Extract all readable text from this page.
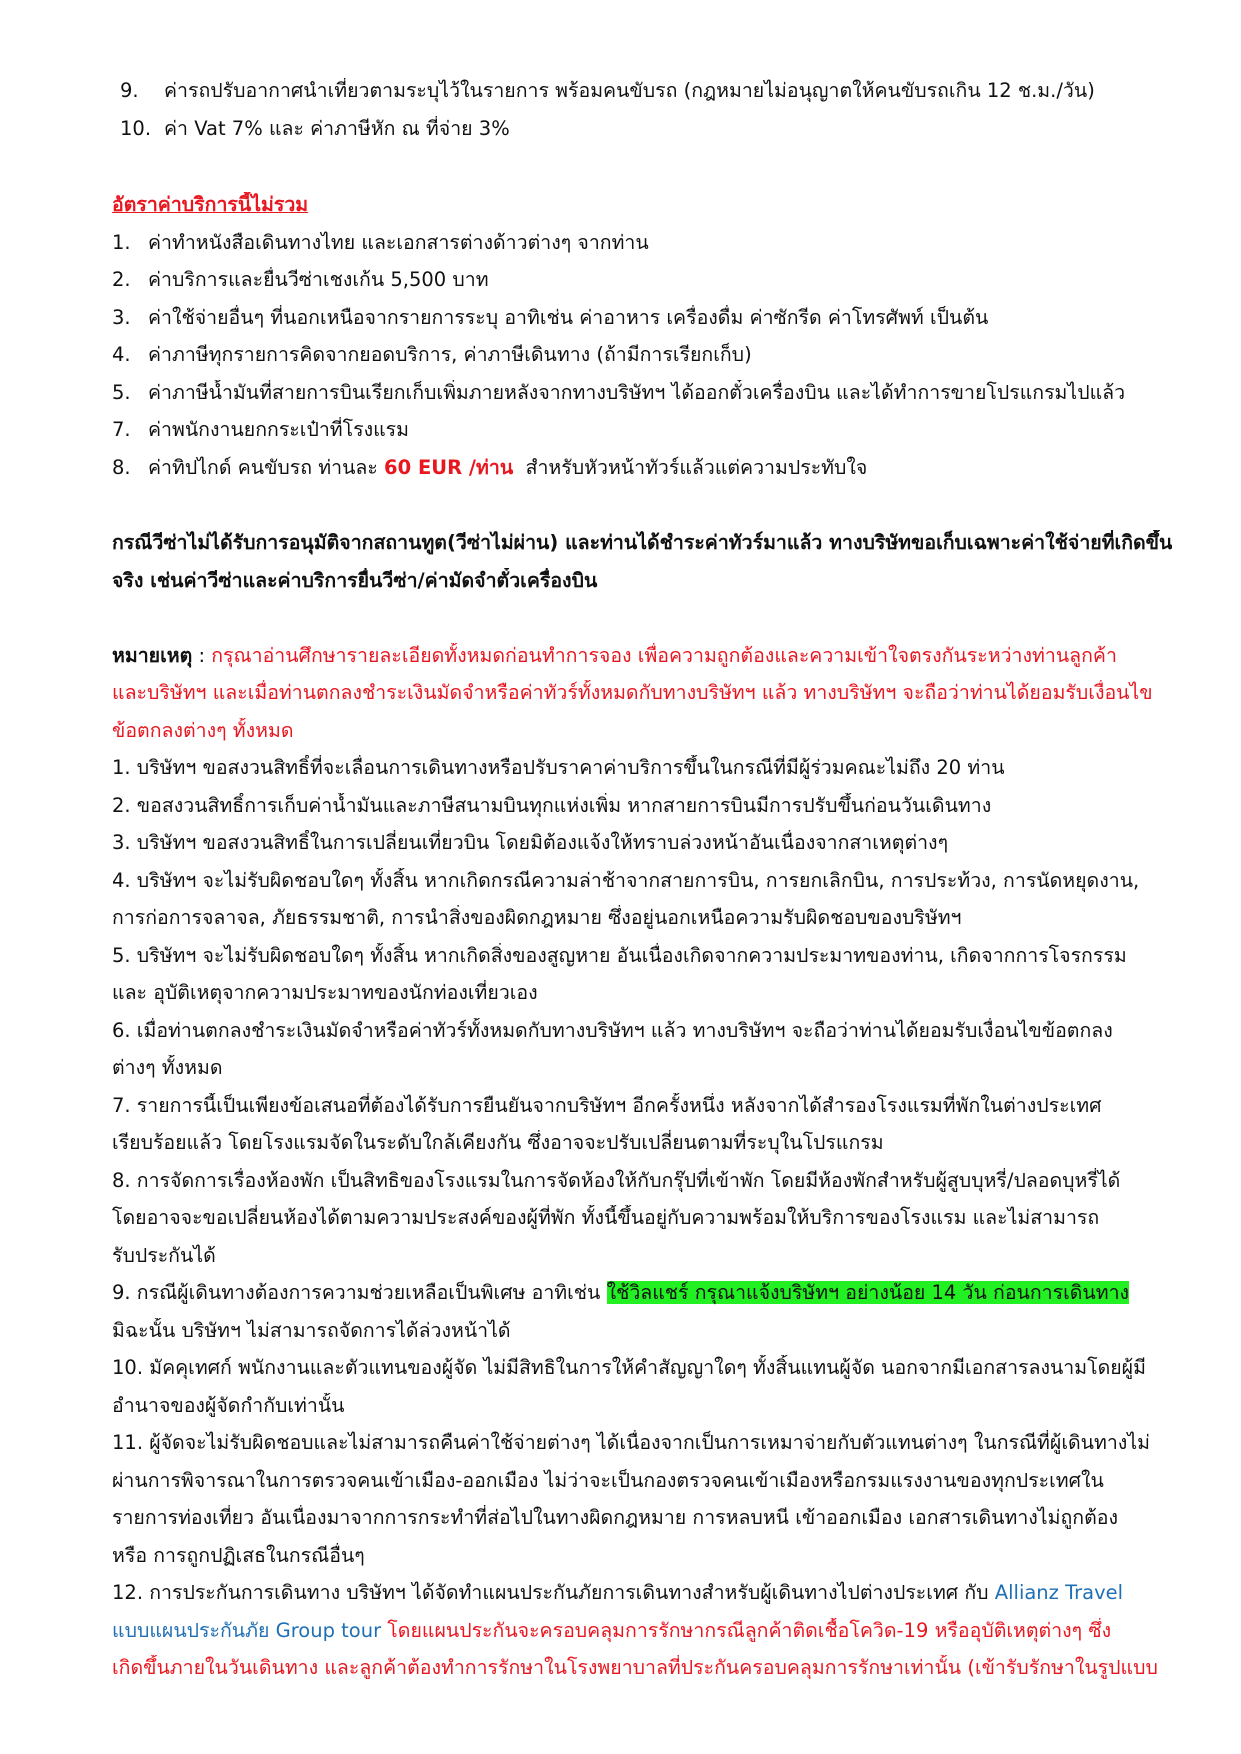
9. ค่ารถปรับอากาศนำเที่ยวตามระบุไว้ในรายการ พร้อมคนขับรถ (กฎหมายไม่อนุญาตให้คนขับรถเกิน 12 ช.ม./วัน)
10. ค่า Vat 7% และ ค่าภาษีหัก ณ ที่จ่าย 3%
อัตราค่าบริการนี้ไม่รวม
1. ค่าทำหนังสือเดินทางไทย และเอกสารต่างด้าวต่างๆ จากท่าน
2. ค่าบริการและยื่นวีซ่าเชงเก้น 5,500 บาท
3. ค่าใช้จ่ายอื่นๆ ที่นอกเหนือจากรายการระบุ อาทิเช่น ค่าอาหาร เครื่องดื่ม ค่าซักรีด ค่าโทรศัพท์ เป็นต้น
4. ค่าภาษีทุกรายการคิดจากยอดบริการ, ค่าภาษีเดินทาง (ถ้ามีการเรียกเก็บ)
5. ค่าภาษีน้ำมันที่สายการบินเรียกเก็บเพิ่มภายหลังจากทางบริษัทฯ ได้ออกตั๋วเครื่องบิน และได้ทำการขายโปรแกรมไปแล้ว
7. ค่าพนักงานยกกระเป๋าที่โรงแรม
8. ค่าทิปไกด์ คนขับรถ ท่านละ 60 EUR /ท่าน สำหรับหัวหน้าทัวร์แล้วแต่ความประทับใจ
กรณีวีซ่าไม่ได้รับการอนุมัติจากสถานทูต(วีซ่าไม่ผ่าน) และท่านได้ชำระค่าทัวร์มาแล้ว ทางบริษัทขอเก็บเฉพาะค่าใช้จ่ายที่เกิดขึ้น
จริง เช่นค่าวีซ่าและค่าบริการยื่นวีซ่า/ค่ามัดจำตั๋วเครื่องบิน
หมายเหตุ : กรุณาอ่านศึกษารายละเอียดทั้งหมดก่อนทำการจอง เพื่อความถูกต้องและความเข้าใจตรงกันระหว่างท่านลูกค้า
และบริษัทฯ และเมื่อท่านตกลงชำระเงินมัดจำหรือค่าทัวร์ทั้งหมดกับทางบริษัทฯ แล้ว ทางบริษัทฯ จะถือว่าท่านได้ยอมรับเงื่อนไข
ข้อตกลงต่างๆ ทั้งหมด
1. บริษัทฯ ขอสงวนสิทธิ์ที่จะเลื่อนการเดินทางหรือปรับราคาค่าบริการขึ้นในกรณีที่มีผู้ร่วมคณะไม่ถึง 20 ท่าน
2. ขอสงวนสิทธิ์การเก็บค่าน้ำมันและภาษีสนามบินทุกแห่งเพิ่ม หากสายการบินมีการปรับขึ้นก่อนวันเดินทาง
3. บริษัทฯ ขอสงวนสิทธิ์ในการเปลี่ยนเที่ยวบิน โดยมิต้องแจ้งให้ทราบล่วงหน้าอันเนื่องจากสาเหตุต่างๆ
4. บริษัทฯ จะไม่รับผิดชอบใดๆ ทั้งสิ้น หากเกิดกรณีความล่าช้าจากสายการบิน, การยกเลิกบิน, การประท้วง, การนัดหยุดงาน,
การก่อการจลาจล, ภัยธรรมชาติ, การนำสิ่งของผิดกฎหมาย ซึ่งอยู่นอกเหนือความรับผิดชอบของบริษัทฯ
5. บริษัทฯ จะไม่รับผิดชอบใดๆ ทั้งสิ้น หากเกิดสิ่งของสูญหาย อันเนื่องเกิดจากความประมาทของท่าน, เกิดจากการโจรกรรม
และ อุบัติเหตุจากความประมาทของนักท่องเที่ยวเอง
6. เมื่อท่านตกลงชำระเงินมัดจำหรือค่าทัวร์ทั้งหมดกับทางบริษัทฯ แล้ว ทางบริษัทฯ จะถือว่าท่านได้ยอมรับเงื่อนไขข้อตกลง
ต่างๆ ทั้งหมด
7. รายการนี้เป็นเพียงข้อเสนอที่ต้องได้รับการยืนยันจากบริษัทฯ อีกครั้งหนึ่ง หลังจากได้สำรองโรงแรมที่พักในต่างประเทศ
เรียบร้อยแล้ว โดยโรงแรมจัดในระดับใกล้เคียงกัน ซึ่งอาจจะปรับเปลี่ยนตามที่ระบุในโปรแกรม
8. การจัดการเรื่องห้องพัก เป็นสิทธิของโรงแรมในการจัดห้องให้กับกรุ๊ปที่เข้าพัก โดยมีห้องพักสำหรับผู้สูบบุหรี่/ปลอดบุหรี่ได้
โดยอาจจะขอเปลี่ยนห้องได้ตามความประสงค์ของผู้ที่พัก ทั้งนี้ขึ้นอยู่กับความพร้อมให้บริการของโรงแรม และไม่สามารถ
รับประกันได้
9. กรณีผู้เดินทางต้องการความช่วยเหลือเป็นพิเศษ อาทิเช่น ใช้วิลแชร์ กรุณาแจ้งบริษัทฯ อย่างน้อย 14 วัน ก่อนการเดินทาง
มิฉะนั้น บริษัทฯ ไม่สามารถจัดการได้ล่วงหน้าได้
10. มัคคุเทศก์ พนักงานและตัวแทนของผู้จัด ไม่มีสิทธิในการให้คำสัญญาใดๆ ทั้งสิ้นแทนผู้จัด นอกจากมีเอกสารลงนามโดยผู้มี
อำนาจของผู้จัดกำกับเท่านั้น
11. ผู้จัดจะไม่รับผิดชอบและไม่สามารถคืนค่าใช้จ่ายต่างๆ ได้เนื่องจากเป็นการเหมาจ่ายกับตัวแทนต่างๆ ในกรณีที่ผู้เดินทางไม่
ผ่านการพิจารณาในการตรวจคนเข้าเมือง-ออกเมือง ไม่ว่าจะเป็นกองตรวจคนเข้าเมืองหรือกรมแรงงานของทุกประเทศใน
รายการท่องเที่ยว อันเนื่องมาจากการกระทำที่ส่อไปในทางผิดกฎหมาย การหลบหนี เข้าออกเมือง เอกสารเดินทางไม่ถูกต้อง
หรือ การถูกปฏิเสธในกรณีอื่นๆ
12. การประกันการเดินทาง บริษัทฯ ได้จัดทำแผนประกันภัยการเดินทางสำหรับผู้เดินทางไปต่างประเทศ กับ Allianz Travel
แบบแผนประกันภัย Group tour โดยแผนประกันจะครอบคลุมการรักษากรณีลูกค้าติดเชื้อโควิด-19 หรืออุบัติเหตุต่างๆ ซึ่ง
เกิดขึ้นภายในวันเดินทาง และลูกค้าต้องทำการรักษาในโรงพยาบาลที่ประกันครอบคลุมการรักษาเท่านั้น (เข้ารับรักษาในรูปแบบ
